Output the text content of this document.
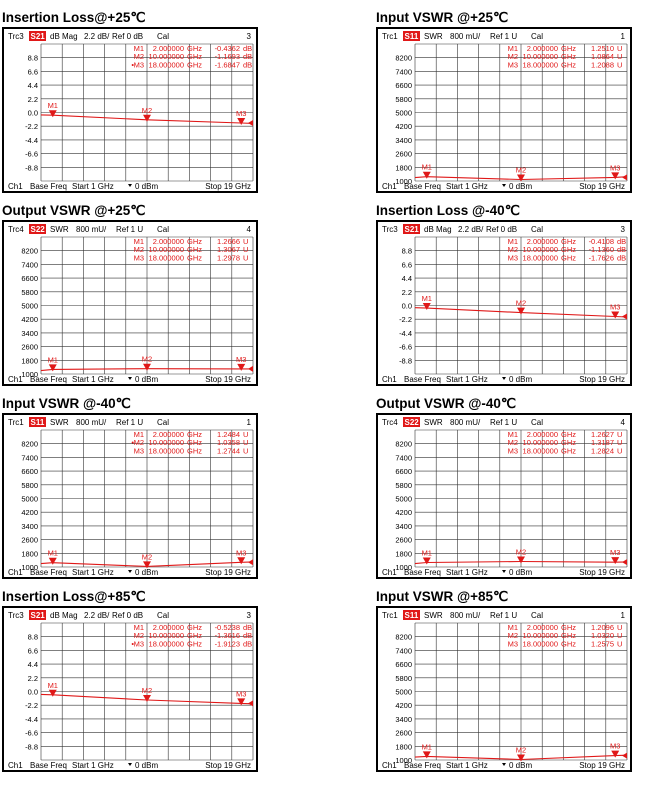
Insertion Loss@+25℃
Trc3 S21 dB Mag 2.2 dB/ Ref 0 dB Cal	3
8.8
6.6
4.4
2.2
0.0
-2.2
-4.4
-6.6
-8.8
M1
M2	M3
M1 2.000000 GHz -0.4362 dB
M2 10.000000 GHz -1.1693 dB
M3
• 18.000000 GHz -1.6847 dB
Ch1 Base Freq Start 1 GHz	0 dBm	Stop 19 GHz
Input VSWR @+25℃
Trc1 S11 SWR 800 mU/ Ref 1 U Cal	1
8200
7400
6600
5800
5000
4200
3400
2600
1800
1000
M1	M2	M3
M1 2.000000 GHz 1.2510 U
M2 10.000000 GHz 1.0864 U
M3 18.000000 GHz 1.2088 U
Ch1 Base Freq Start 1 GHz	0 dBm	Stop 19 GHz
Output VSWR @+25℃
Trc4 S22 SWR 800 mU/ Ref 1 U Cal	4
8200
7400
6600
5800
5000
4200
3400
2600
1800
1000
M1	M2	M3
M1 2.000000 GHz 1.2666 U
M2 10.000000 GHz 1.3067 U
M3 18.000000 GHz 1.2978 U
Ch1 Base Freq Start 1 GHz	0 dBm	Stop 19 GHz
Insertion Loss @-40℃
Trc3 S21 dB Mag 2.2 dB/ Ref 0 dB Cal	3
8.8
6.6
4.4
2.2
0.0
-2.2
-4.4
-6.6
-8.8
M1
M2	M3
M1 2.000000 GHz -0.4108 dB
M2 10.000000 GHz -1.1360 dB
M3 18.000000 GHz -1.7626 dB
Ch1 Base Freq Start 1 GHz	0 dBm	Stop 19 GHz
Input VSWR @-40℃
Trc1 S11 SWR 800 mU/ Ref 1 U Cal	1
8200
7400
6600
5800
5000
4200
3400
2600
1800
1000
M1	M2	M3
M1 2.000000 GHz 1.2484 U
M2
• 10.000000 GHz 1.0358 U
M3 18.000000 GHz 1.2744 U
Ch1 Base Freq Start 1 GHz	0 dBm	Stop 19 GHz
Output VSWR @-40℃
Trc4 S22 SWR 800 mU/ Ref 1 U Cal	4
8200
7400
6600
5800
5000
4200
3400
2600
1800
1000
M1	M2	M3
M1 2.000000 GHz 1.2627 U
M2 10.000000 GHz 1.3187 U
M3 18.000000 GHz 1.2824 U
Ch1 Base Freq Start 1 GHz	0 dBm	Stop 19 GHz
Insertion Loss@+85℃
Trc3 S21 dB Mag 2.2 dB/ Ref 0 dB Cal	3
8.8
6.6
4.4
2.2
0.0
-2.2
-4.4
-6.6
-8.8
M1
M2	M3
M1 2.000000 GHz -0.5238 dB
M2 10.000000 GHz -1.3616 dB
M3
• 18.000000 GHz -1.9123 dB
Ch1 Base Freq Start 1 GHz	0 dBm	Stop 19 GHz
Input VSWR @+85℃
Trc1 S11 SWR 800 mU/ Ref 1 U Cal	1
8200
7400
6600
5800
5000
4200
3400
2600
1800
1000
M1	M2	M3
M1 2.000000 GHz 1.2096 U
M2 10.000000 GHz 1.0320 U
M3 18.000000 GHz 1.2575 U
Ch1 Base Freq Start 1 GHz	0 dBm	Stop 19 GHz
